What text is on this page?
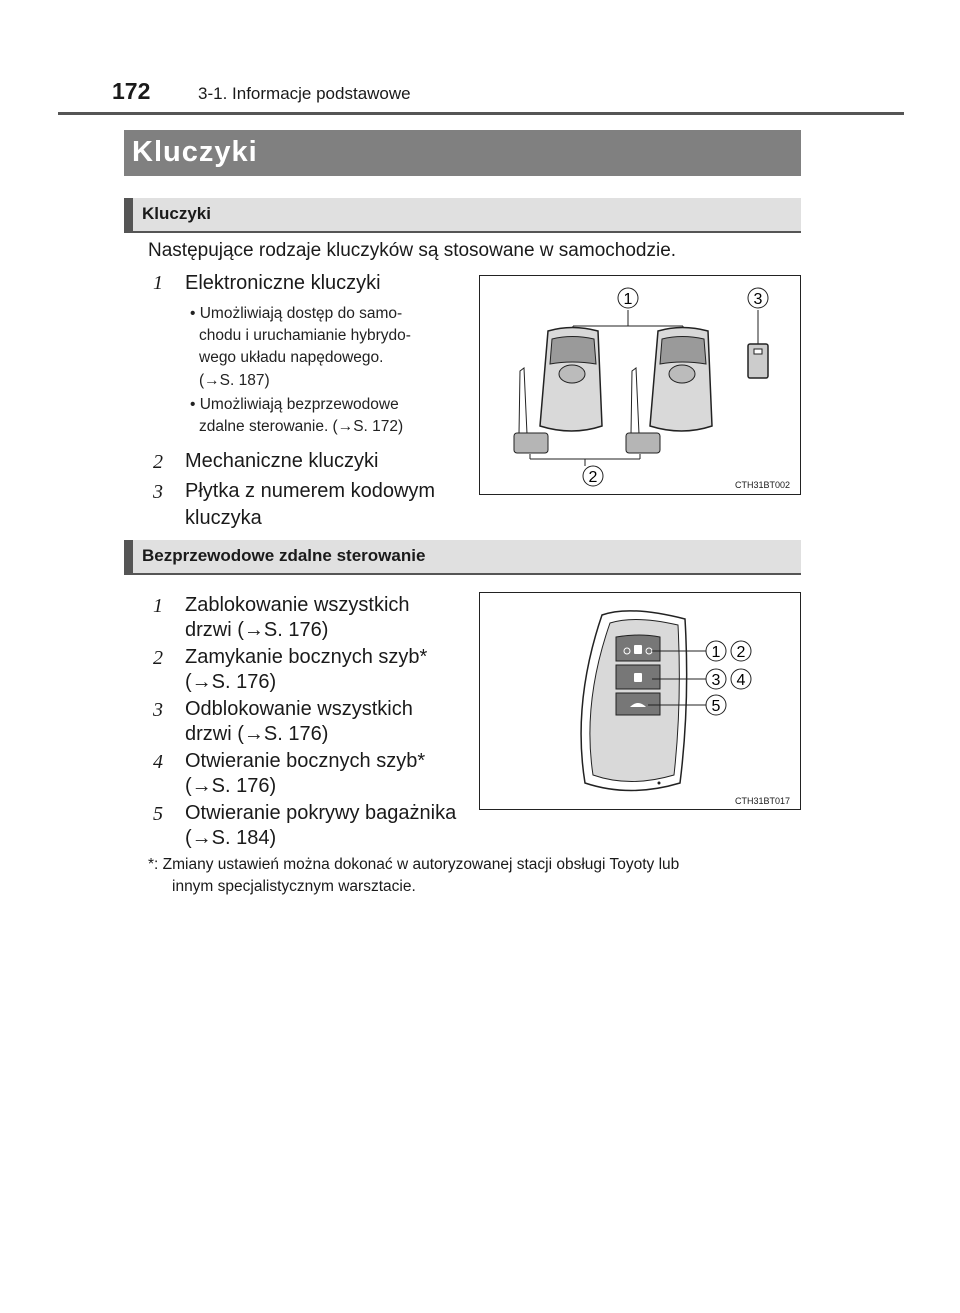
172	3-1. Informacje podstawowe
Kluczyki
Kluczyki
Następujące rodzaje kluczyków są stosowane w samochodzie.
1 Elektroniczne kluczyki
• Umożliwiają dostęp do samo-
chodu i uruchamianie hybrydo-
wego układu napędowego.
(→S. 187)
• Umożliwiają bezprzewodowe
zdalne sterowanie. (→S. 172)
2 Mechaniczne kluczyki
3 Płytka z numerem kodowym
kluczyka
1	3
2	CTH31BT002
Bezprzewodowe zdalne sterowanie
1 Zablokowanie wszystkich
drzwi (→S. 176)
2 Zamykanie bocznych szyb*
(→S. 176)
3 Odblokowanie wszystkich
drzwi (→S. 176)
4 Otwieranie bocznych szyb*
(→S. 176)
5 Otwieranie pokrywy bagażnika
(→S. 184)
1 2
3 4
5
CTH31BT017
*: Zmiany ustawień można dokonać w autoryzowanej stacji obsługi Toyoty lub
innym specjalistycznym warsztacie.
